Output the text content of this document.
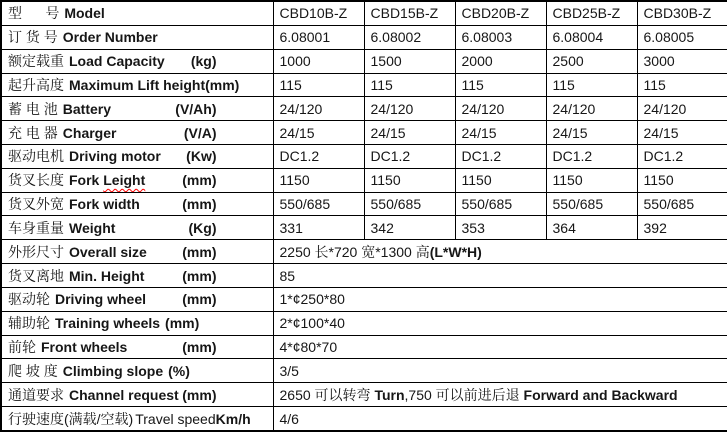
型      号 Model	CBD10B-Z	CBD15B-Z	CBD20B-Z	CBD25B-Z	CBD30B-Z

订 货 号 Order Number	6.08001	6.08002	6.08003	6.08004	6.08005

额定载重 Load Capacity (kg)	1000	1500	2000	2500	3000

起升高度 Maximum Lift height (mm)	115	115	115	115	115

蓄 电 池 Battery (V/Ah)	24/120	24/120	24/120	24/120	24/120

充 电 器 Charger (V/A)	24/15	24/15	24/15	24/15	24/15

驱动电机 Driving motor (Kw)	DC1.2	DC1.2	DC1.2	DC1.2	DC1.2

货叉长度 Fork Leight (mm)	1150	1150	1150	1150	1150

货叉外宽 Fork width (mm)	550/685	550/685	550/685	550/685	550/685

车身重量 Weight (Kg)	331	342	353	364	392

外形尺寸 Overall size (mm)	2250 长*720 宽*1300 高(L*W*H)				

货叉离地 Min. Height (mm)	85				

驱动轮 Driving wheel (mm)	1*¢250*80				

辅助轮 Training wheels (mm)	2*¢100*40				

前轮 Front wheels (mm)	4*¢80*70				

爬 坡 度 Climbing slope (%)	3/5				

通道要求 Channel request (mm)	2650 可以转弯 Turn,750 可以前进后退 Forward and Backward				

行驶速度(满载/空载) Travel speed Km/h	4/6				
